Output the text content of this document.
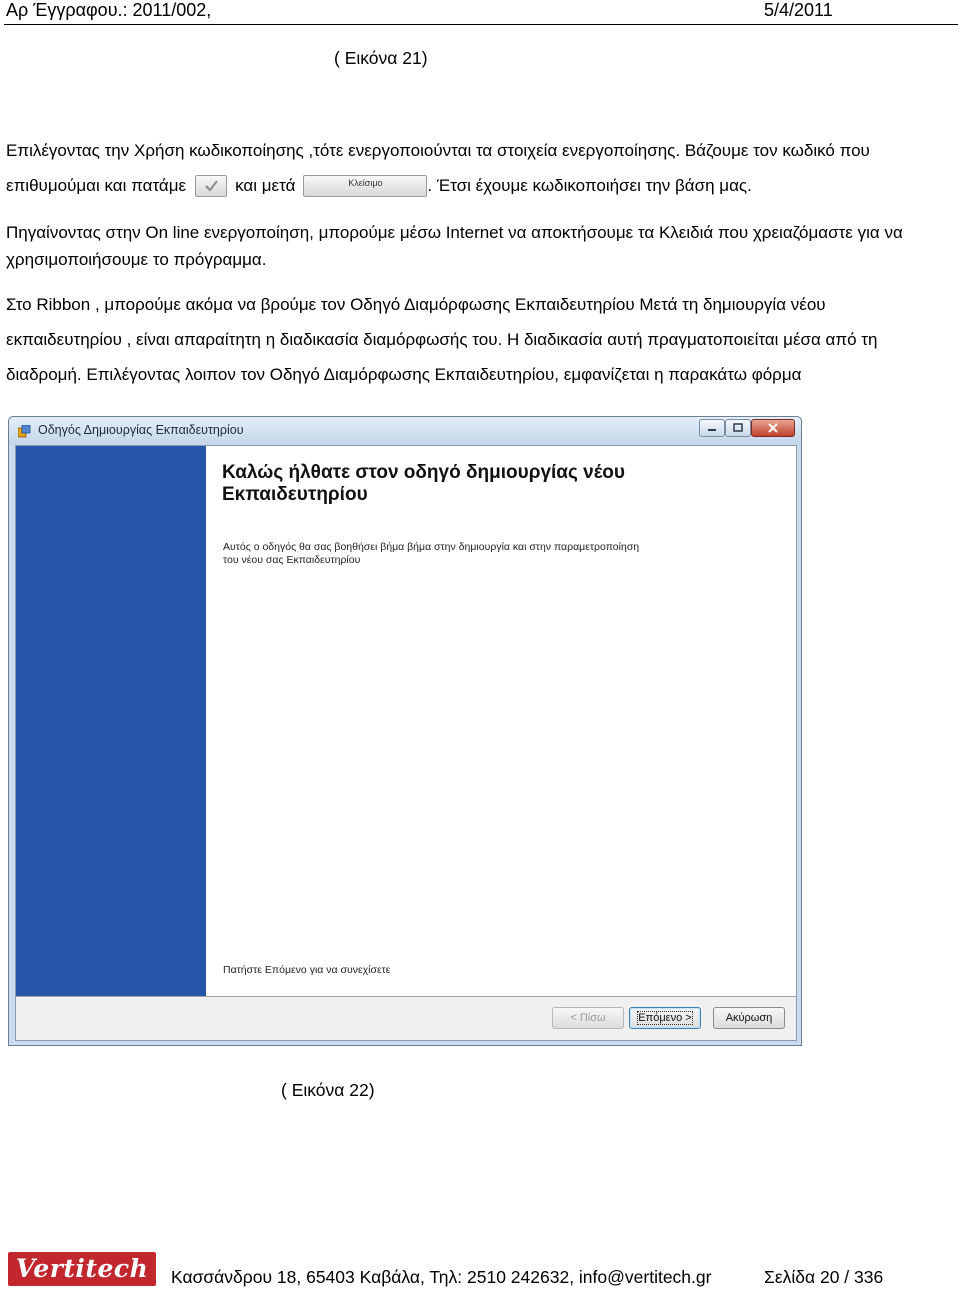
Αρ Έγγραφου.: 2011/002,	5/4/2011
( Εικόνα 21)
Επιλέγοντας την Χρήση κωδικοποίησης ,τότε ενεργοποιούνται τα στοιχεία ενεργοποίησης. Βάζουμε τον κωδικό που
επιθυμούμαι και πατάμε	και μετά	Κλείσιμο	. Έτσι έχουμε κωδικοποιήσει την βάση μας.
Πηγαίνοντας στην On line ενεργοποίηση, μπορούμε μέσω Internet να αποκτήσουμε τα Κλειδιά που χρειαζόμαστε για να
χρησιμοποιήσουμε το πρόγραμμα.
Στο Ribbon , μπορούμε ακόμα να βρούμε τον Οδηγό Διαμόρφωσης Εκπαιδευτηρίου Μετά τη δημιουργία νέου
εκπαιδευτηρίου , είναι απαραίτητη η διαδικασία διαμόρφωσής του. Η διαδικασία αυτή πραγματοποιείται μέσα από τη
διαδρομή. Επιλέγοντας λοιπον τον Οδηγό Διαμόρφωσης Εκπαιδευτηρίου, εμφανίζεται η παρακάτω φόρμα
Οδηγός Δημιουργίας Εκπαιδευτηρίου
Καλώς ήλθατε στον οδηγό δημιουργίας νέου
Εκπαιδευτηρίου
Αυτός ο οδηγός θα σας βοηθήσει βήμα βήμα στην δημιουργία και στην παραμετροποίηση
του νέου σας Εκπαιδευτηρίου
Πατήστε Επόμενο για να συνεχίσετε
< Πίσω	Επόμενο >	Ακύρωση
( Εικόνα 22)
Vertitech	Κασσάνδρου 18, 65403 Καβάλα, Τηλ: 2510 242632, info@vertitech.gr	Σελίδα 20 / 336
